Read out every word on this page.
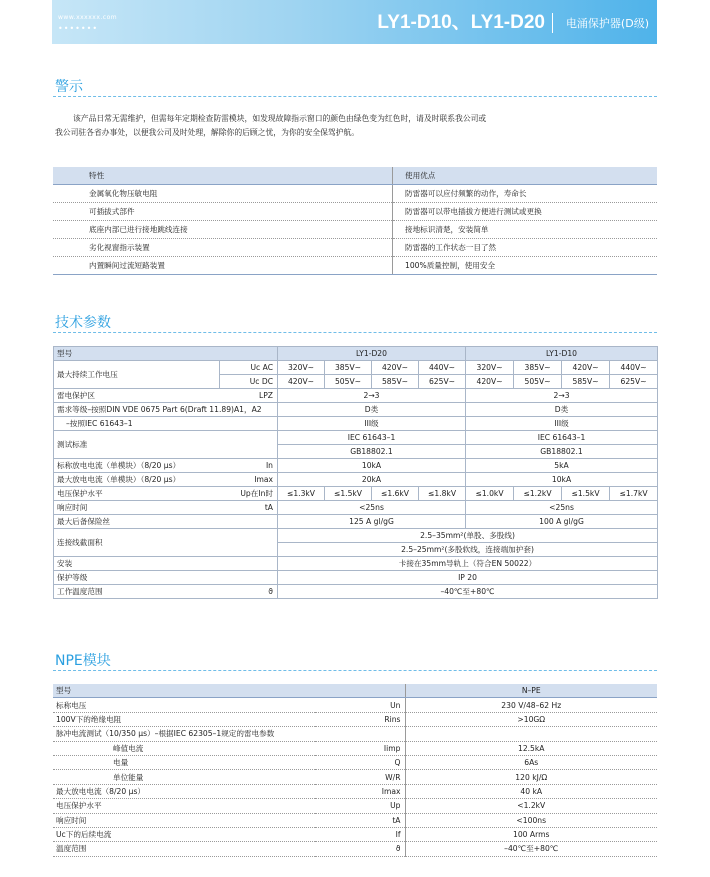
www.xxxxxx.com
•••••••	LY1-D10、LY1-D20 电涌保护器(D级)
警示
该产品日常无需维护，但需每年定期检查防雷模块，如发现故障指示窗口的颜色由绿色变为红色时，请及时联系我公司或
我公司驻各省办事处，以便我公司及时处理，解除你的后顾之忧，为你的安全保驾护航。
特性	使用优点
金属氧化物压敏电阻	防雷器可以应付频繁的动作，寿命长
可插拔式部件	防雷器可以带电插拔方便进行测试或更换
底座内部已进行接地跳线连接	接地标识清楚，安装简单
劣化视窗指示装置	防雷器的工作状态一目了然
内置瞬间过流短路装置	100%质量控制，使用安全
技术参数
型号		LY1-D20				LY1-D10			
最大持续工作电压	Uc AC	320V~	385V~	420V~	440V~	320V~	385V~	420V~	440V~
	Uc DC	420V~	505V~	585V~	625V~	420V~	505V~	585V~	625V~
雷电保护区	LPZ	2→3				2→3			
需求等级–按照DIN VDE 0675 Part 6(Draft 11.89)A1，A2		D类				D类			
–按照IEC 61643–1		III级				III级			
测试标准		IEC 61643–1				IEC 61643–1			
		GB18802.1				GB18802.1			
标称放电电流（单模块）（8/20 μs）	In	10kA				5kA			
最大放电电流（单模块）（8/20 μs）	Imax	20kA				10kA			
电压保护水平	Up在In时	≤1.3kV	≤1.5kV	≤1.6kV	≤1.8kV	≤1.0kV	≤1.2kV	≤1.5kV	≤1.7kV
响应时间	tA	<25ns				<25ns			
最大后备保险丝		125 A gl/gG				100 A gl/gG			
连接线截面积		2.5–35mm²(单股、多股线)							
		2.5–25mm²(多股软线，连接端加护套)							
安装		卡接在35mm导轨上（符合EN 50022）							
保护等级		IP 20							
工作温度范围	ϑ	–40℃至+80℃							
NPE模块
型号		N–PE
标称电压	Un	230 V/48–62 Hz
100V下的绝缘电阻	Rins	>10GΩ
脉冲电流测试（10/350 μs）–根据IEC 62305–1规定的雷电参数		
峰值电流	Iimp	12.5kA
电量	Q	6As
单位能量	W/R	120 kJ/Ω
最大放电电流（8/20 μs）	Imax	40 kA
电压保护水平	Up	<1.2kV
响应时间	tA	<100ns
Uc下的后续电流	If	100 Arms
温度范围	ϑ	–40℃至+80℃
